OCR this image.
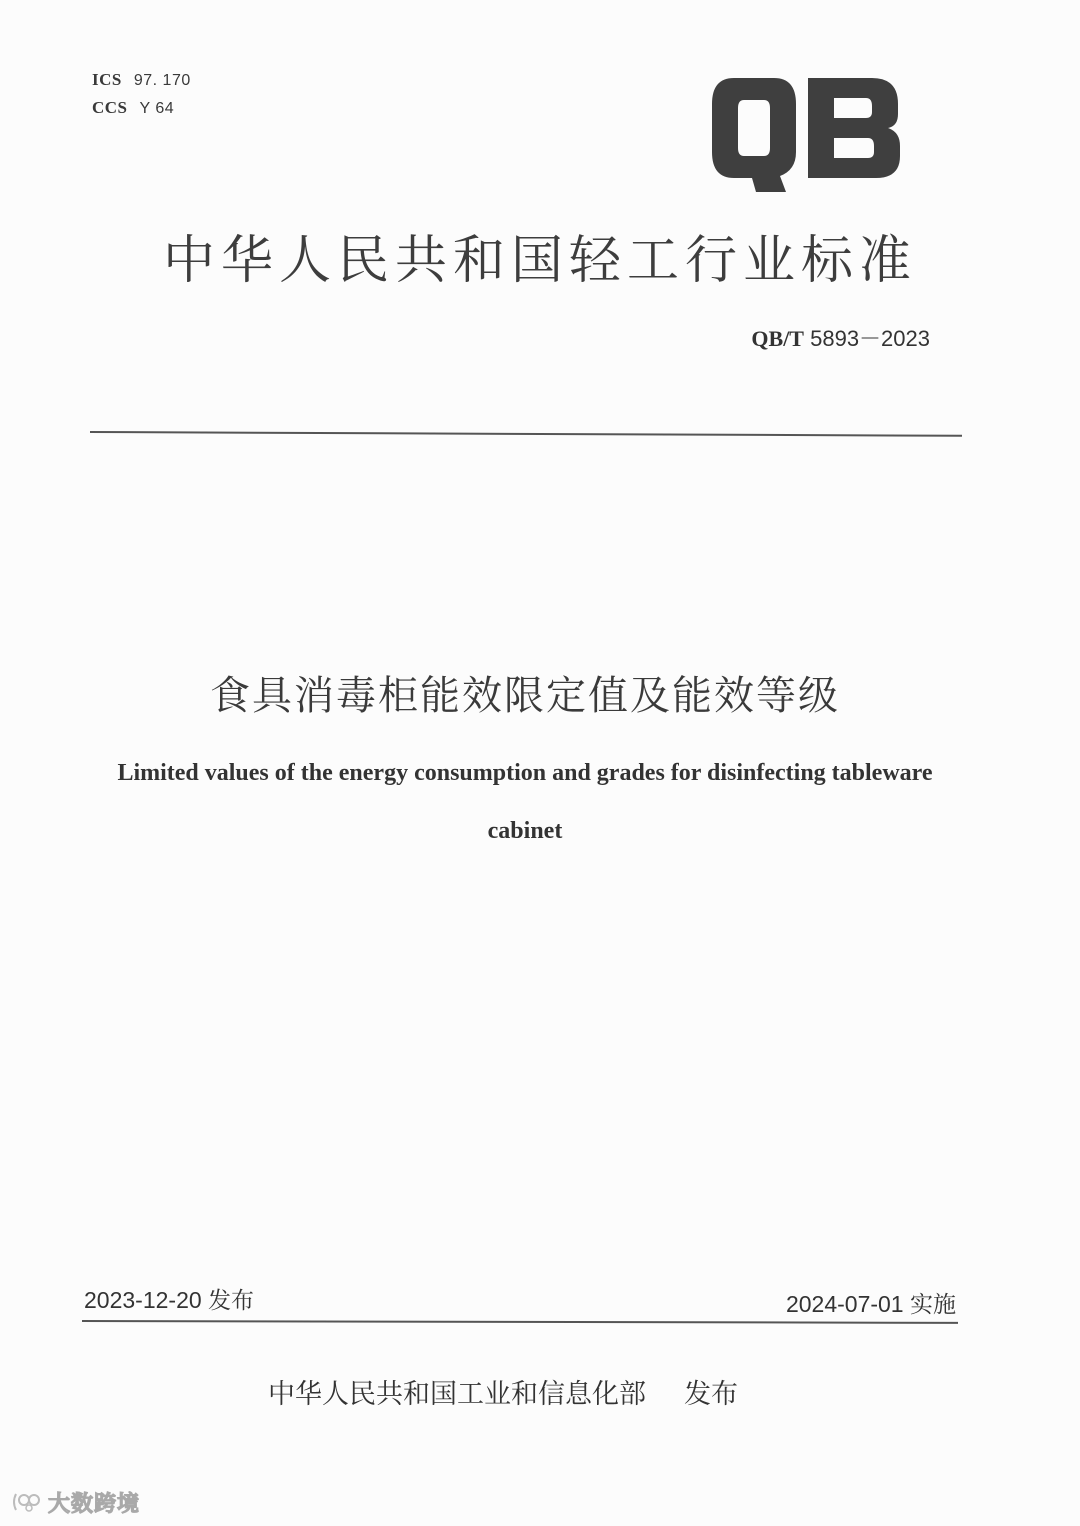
ICS 97. 170
CCS Y 64
中华人民共和国轻工行业标准
QB/T 5893－2023
食具消毒柜能效限定值及能效等级
Limited values of the energy consumption and grades for disinfecting tableware
cabinet
2023-12-20 发布	2024-07-01 实施
中华人民共和国工业和信息化部 发布
大数跨境
